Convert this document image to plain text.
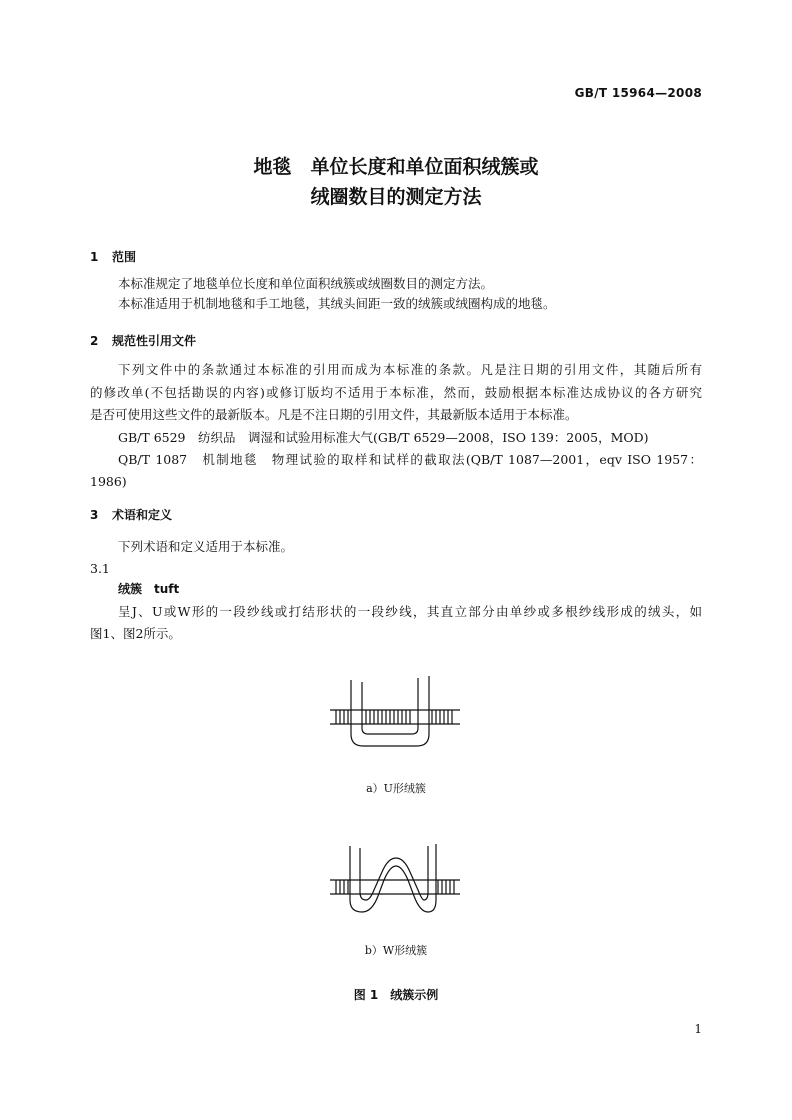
GB/T 15964—2008
地毯　单位长度和单位面积绒簇或
绒圈数目的测定方法
1 范围
本标准规定了地毯单位长度和单位面积绒簇或绒圈数目的测定方法。
本标准适用于机制地毯和手工地毯，其绒头间距一致的绒簇或绒圈构成的地毯。
2 规范性引用文件
下列文件中的条款通过本标准的引用而成为本标准的条款。凡是注日期的引用文件，其随后所有
的修改单(不包括勘误的内容)或修订版均不适用于本标准，然而，鼓励根据本标准达成协议的各方研究
是否可使用这些文件的最新版本。凡是不注日期的引用文件，其最新版本适用于本标准。
GB/T 6529　纺织品　调湿和试验用标准大气(GB/T 6529—2008，ISO 139：2005，MOD)
QB/T 1087　机制地毯　物理试验的取样和试样的截取法(QB/T 1087—2001，eqv ISO 1957：
1986)
3 术语和定义
下列术语和定义适用于本标准。
3.1
绒簇　tuft
呈J、U或W形的一段纱线或打结形状的一段纱线，其直立部分由单纱或多根纱线形成的绒头，如
图1、图2所示。
a）U形绒簇
b）W形绒簇
图 1　绒簇示例
1
